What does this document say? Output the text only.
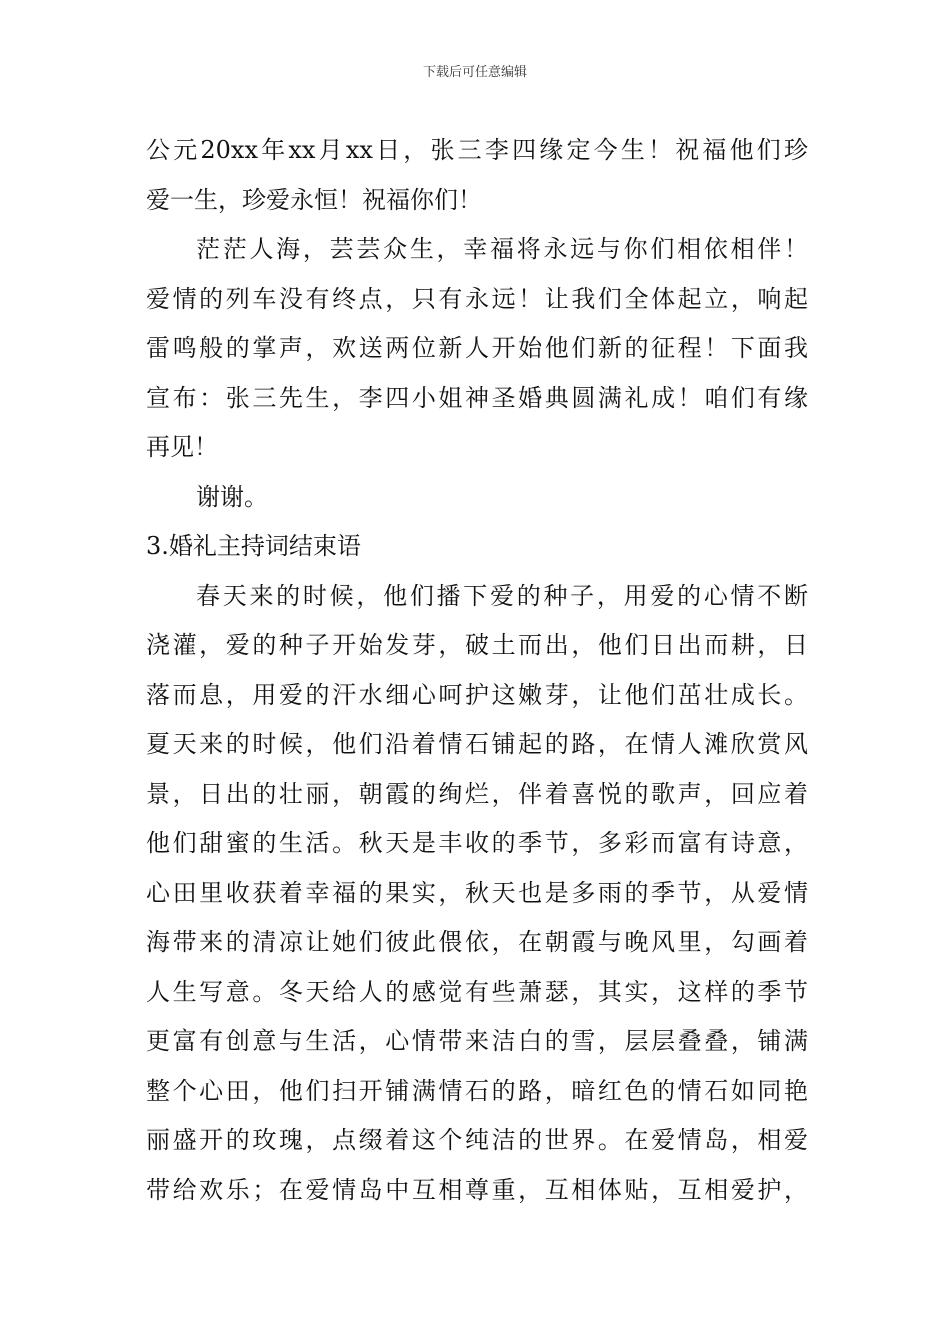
下载后可任意编辑
公元20xx年xx月xx日，张三李四缘定今生！祝福他们珍
爱一生，珍爱永恒！祝福你们！
茫茫人海，芸芸众生，幸福将永远与你们相依相伴！
爱情的列车没有终点，只有永远！让我们全体起立，响起
雷鸣般的掌声，欢送两位新人开始他们新的征程！下面我
宣布：张三先生，李四小姐神圣婚典圆满礼成！咱们有缘
再见！
谢谢。
3.婚礼主持词结束语
春天来的时候，他们播下爱的种子，用爱的心情不断
浇灌，爱的种子开始发芽，破土而出，他们日出而耕，日
落而息，用爱的汗水细心呵护这嫩芽，让他们茁壮成长。
夏天来的时候，他们沿着情石铺起的路，在情人滩欣赏风
景，日出的壮丽，朝霞的绚烂，伴着喜悦的歌声，回应着
他们甜蜜的生活。秋天是丰收的季节，多彩而富有诗意，
心田里收获着幸福的果实，秋天也是多雨的季节，从爱情
海带来的清凉让她们彼此偎依，在朝霞与晚风里，勾画着
人生写意。冬天给人的感觉有些萧瑟，其实，这样的季节
更富有创意与生活，心情带来洁白的雪，层层叠叠，铺满
整个心田，他们扫开铺满情石的路，暗红色的情石如同艳
丽盛开的玫瑰，点缀着这个纯洁的世界。在爱情岛，相爱
带给欢乐；在爱情岛中互相尊重，互相体贴，互相爱护，
